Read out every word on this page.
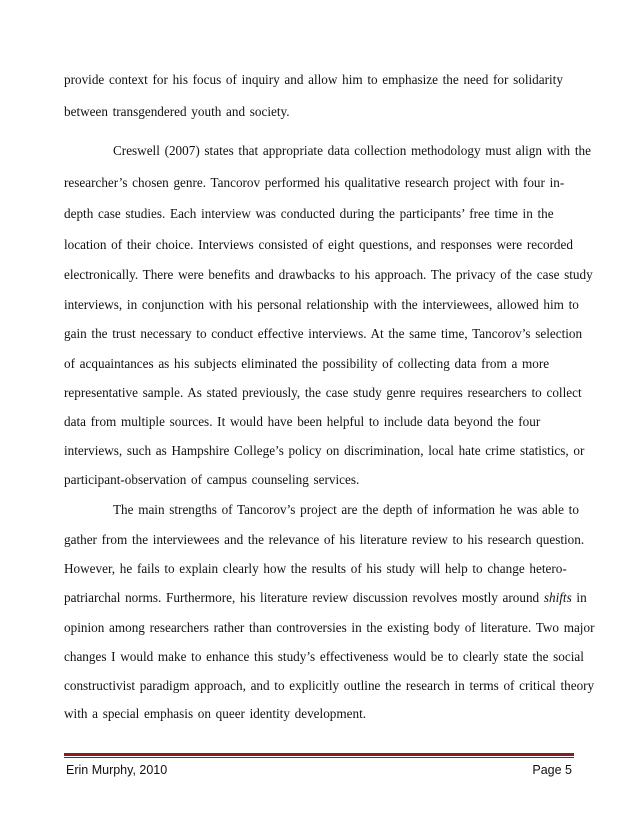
provide context for his focus of inquiry and allow him to emphasize the need for solidarity
between transgendered youth and society.
Creswell (2007) states that appropriate data collection methodology must align with the
researcher’s chosen genre. Tancorov performed his qualitative research project with four in-
depth case studies. Each interview was conducted during the participants’ free time in the
location of their choice. Interviews consisted of eight questions, and responses were recorded
electronically. There were benefits and drawbacks to his approach. The privacy of the case study
interviews, in conjunction with his personal relationship with the interviewees, allowed him to
gain the trust necessary to conduct effective interviews. At the same time, Tancorov’s selection
of acquaintances as his subjects eliminated the possibility of collecting data from a more
representative sample. As stated previously, the case study genre requires researchers to collect
data from multiple sources. It would have been helpful to include data beyond the four
interviews, such as Hampshire College’s policy on discrimination, local hate crime statistics, or
participant-observation of campus counseling services.
The main strengths of Tancorov’s project are the depth of information he was able to
gather from the interviewees and the relevance of his literature review to his research question.
However, he fails to explain clearly how the results of his study will help to change hetero-
patriarchal norms. Furthermore, his literature review discussion revolves mostly around shifts in
opinion among researchers rather than controversies in the existing body of literature. Two major
changes I would make to enhance this study’s effectiveness would be to clearly state the social
constructivist paradigm approach, and to explicitly outline the research in terms of critical theory
with a special emphasis on queer identity development.
Erin Murphy, 2010	Page 5
